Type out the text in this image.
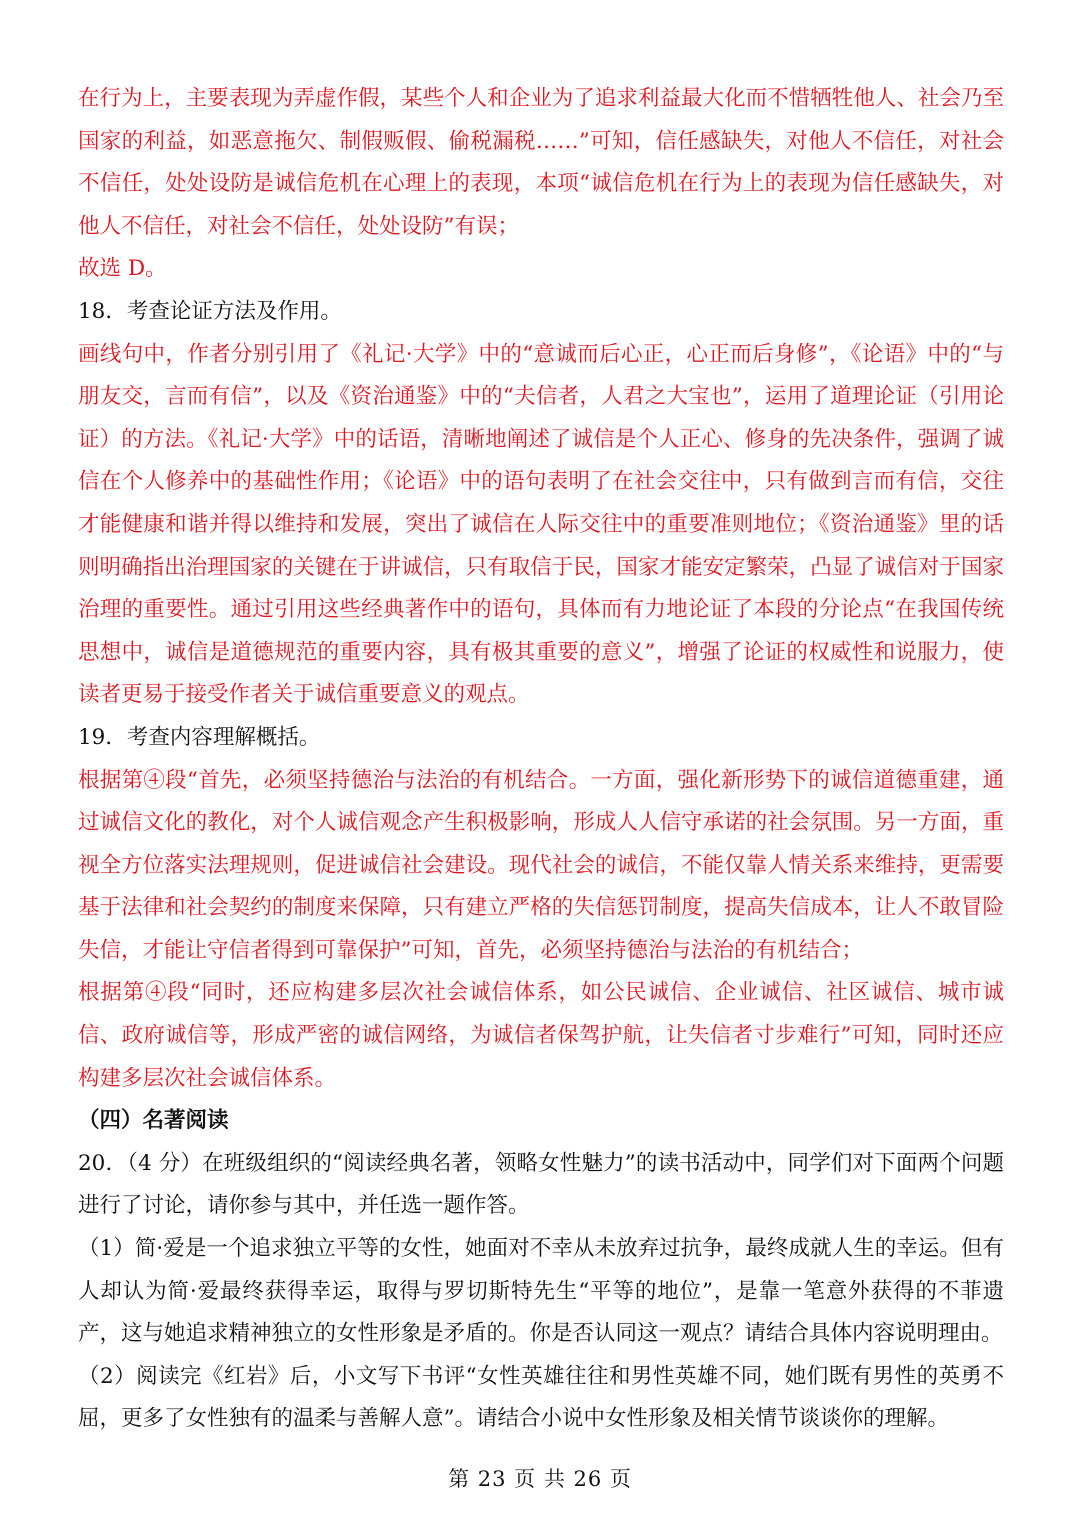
在行为上，主要表现为弄虚作假，某些个人和企业为了追求利益最大化而不惜牺牲他人、社会乃至国家的利益，如恶意拖欠、制假贩假、偷税漏税……”可知，信任感缺失，对他人不信任，对社会不信任，处处设防是诚信危机在心理上的表现，本项“诚信危机在行为上的表现为信任感缺失，对他人不信任，对社会不信任，处处设防”有误；

故选 D。

18．考查论证方法及作用。

画线句中，作者分别引用了《礼记·大学》中的“意诚而后心正，心正而后身修”，《论语》中的“与朋友交，言而有信”，以及《资治通鉴》中的“夫信者，人君之大宝也”，运用了道理论证（引用论证）的方法。《礼记·大学》中的话语，清晰地阐述了诚信是个人正心、修身的先决条件，强调了诚信在个人修养中的基础性作用；《论语》中的语句表明了在社会交往中，只有做到言而有信，交往才能健康和谐并得以维持和发展，突出了诚信在人际交往中的重要准则地位；《资治通鉴》里的话则明确指出治理国家的关键在于讲诚信，只有取信于民，国家才能安定繁荣，凸显了诚信对于国家治理的重要性。通过引用这些经典著作中的语句，具体而有力地论证了本段的分论点“在我国传统思想中，诚信是道德规范的重要内容，具有极其重要的意义”，增强了论证的权威性和说服力，使读者更易于接受作者关于诚信重要意义的观点。

19．考查内容理解概括。

根据第④段“首先，必须坚持德治与法治的有机结合。一方面，强化新形势下的诚信道德重建，通过诚信文化的教化，对个人诚信观念产生积极影响，形成人人信守承诺的社会氛围。另一方面，重视全方位落实法理规则，促进诚信社会建设。现代社会的诚信，不能仅靠人情关系来维持，更需要基于法律和社会契约的制度来保障，只有建立严格的失信惩罚制度，提高失信成本，让人不敢冒险失信，才能让守信者得到可靠保护”可知，首先，必须坚持德治与法治的有机结合；

根据第④段“同时，还应构建多层次社会诚信体系，如公民诚信、企业诚信、社区诚信、城市诚信、政府诚信等，形成严密的诚信网络，为诚信者保驾护航，让失信者寸步难行”可知，同时还应构建多层次社会诚信体系。

（四）名著阅读

20．（4 分）在班级组织的“阅读经典名著，领略女性魅力”的读书活动中，同学们对下面两个问题进行了讨论，请你参与其中，并任选一题作答。

（1）简·爱是一个追求独立平等的女性，她面对不幸从未放弃过抗争，最终成就人生的幸运。但有人却认为简·爱最终获得幸运，取得与罗切斯特先生“平等的地位”，是靠一笔意外获得的不菲遗产，这与她追求精神独立的女性形象是矛盾的。你是否认同这一观点？请结合具体内容说明理由。

（2）阅读完《红岩》后，小文写下书评“女性英雄往往和男性英雄不同，她们既有男性的英勇不屈，更多了女性独有的温柔与善解人意”。请结合小说中女性形象及相关情节谈谈你的理解。

第 23 页 共 26 页
